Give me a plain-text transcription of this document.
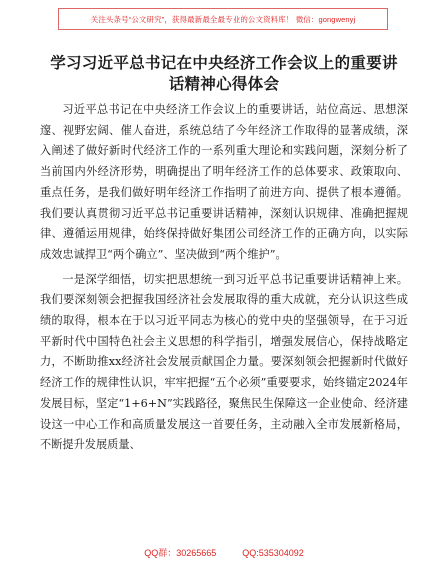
关注头条号“公文研究”，获得最新最全最专业的公文资料库！ 微信：gongwenyj
学习习近平总书记在中央经济工作会议上的重要讲话精神心得体会

习近平总书记在中央经济工作会议上的重要讲话，站位高远、思想深邃、视野宏阔、催人奋进，系统总结了今年经济工作取得的显著成绩，深入阐述了做好新时代经济工作的一系列重大理论和实践问题，深刻分析了当前国内外经济形势，明确提出了明年经济工作的总体要求、政策取向、重点任务，是我们做好明年经济工作指明了前进方向、提供了根本遵循。我们要认真贯彻习近平总书记重要讲话精神，深刻认识规律、准确把握规律、遵循运用规律，始终保持做好集团公司经济工作的正确方向，以实际成效忠诚捍卫“两个确立”、坚决做到“两个维护”。

一是深学细悟，切实把思想统一到习近平总书记重要讲话精神上来。我们要深刻领会把握我国经济社会发展取得的重大成就，充分认识这些成绩的取得，根本在于以习近平同志为核心的党中央的坚强领导，在于习近平新时代中国特色社会主义思想的科学指引，增强发展信心，保持战略定力，不断助推xx经济社会发展贡献国企力量。要深刻领会把握新时代做好经济工作的规律性认识，牢牢把握“五个必须”重要要求，始终锚定2024年发展目标，坚定“1+6+N”实践路径，聚焦民生保障这一企业使命、经济建设这一中心工作和高质量发展这一首要任务，主动融入全市发展新格局，不断提升发展质量、

QQ群：30265665	QQ:535304092
